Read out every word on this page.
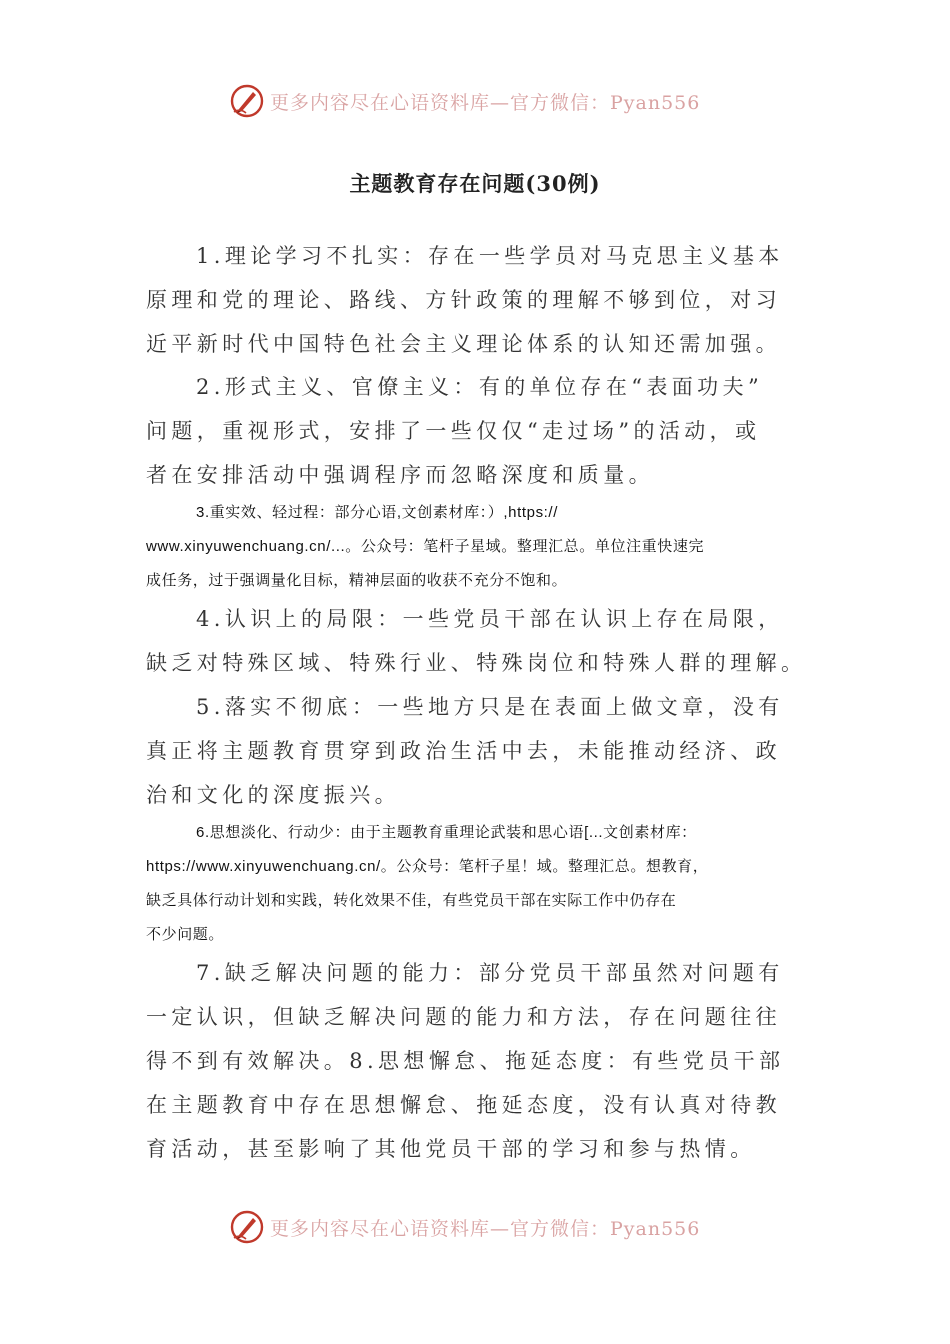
更多内容尽在心语资料库—官方微信：Pyan556
主题教育存在问题(30例)

1.理论学习不扎实：存在一些学员对马克思主义基本
原理和党的理论、路线、方针政策的理解不够到位，对习
近平新时代中国特色社会主义理论体系的认知还需加强。

2.形式主义、官僚主义：有的单位存在“表面功夫”
问题，重视形式，安排了一些仅仅“走过场”的活动，或
者在安排活动中强调程序而忽略深度和质量。

3.重实效、轻过程：部分心语,文创素材库：）,https://
www.xinyuwenchuang.cn/...。公众号：笔杆子星域。整理汇总。单位注重快速完
成任务，过于强调量化目标，精神层面的收获不充分不饱和。

4.认识上的局限：一些党员干部在认识上存在局限，
缺乏对特殊区域、特殊行业、特殊岗位和特殊人群的理解。

5.落实不彻底：一些地方只是在表面上做文章，没有
真正将主题教育贯穿到政治生活中去，未能推动经济、政
治和文化的深度振兴。

6.思想淡化、行动少：由于主题教育重理论武装和思心语[...文创素材库：
https://www.xinyuwenchuang.cn/。公众号：笔杆子星！域。整理汇总。想教育，
缺乏具体行动计划和实践，转化效果不佳，有些党员干部在实际工作中仍存在
不少问题。

7.缺乏解决问题的能力：部分党员干部虽然对问题有
一定认识，但缺乏解决问题的能力和方法，存在问题往往
得不到有效解决。8.思想懈怠、拖延态度：有些党员干部
在主题教育中存在思想懈怠、拖延态度，没有认真对待教
育活动，甚至影响了其他党员干部的学习和参与热情。

更多内容尽在心语资料库—官方微信：Pyan556
